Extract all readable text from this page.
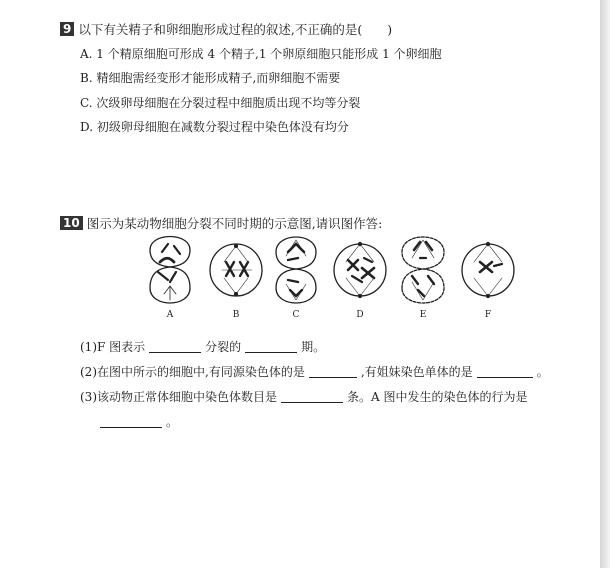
9 以下有关精子和卵细胞形成过程的叙述,不正确的是(　　)
A. 1 个精原细胞可形成 4 个精子,1 个卵原细胞只能形成 1 个卵细胞
B. 精细胞需经变形才能形成精子,而卵细胞不需要
C. 次级卵母细胞在分裂过程中细胞质出现不均等分裂
D. 初级卵母细胞在减数分裂过程中染色体没有均分
10 图示为某动物细胞分裂不同时期的示意图,请识图作答:
A	B	C	D	E	F
(1)F 图表示	分裂的	期。
(2)在图中所示的细胞中,有同源染色体的是	,有姐妹染色单体的是	。
(3)该动物正常体细胞中染色体数目是	条。A 图中发生的染色体的行为是
。
